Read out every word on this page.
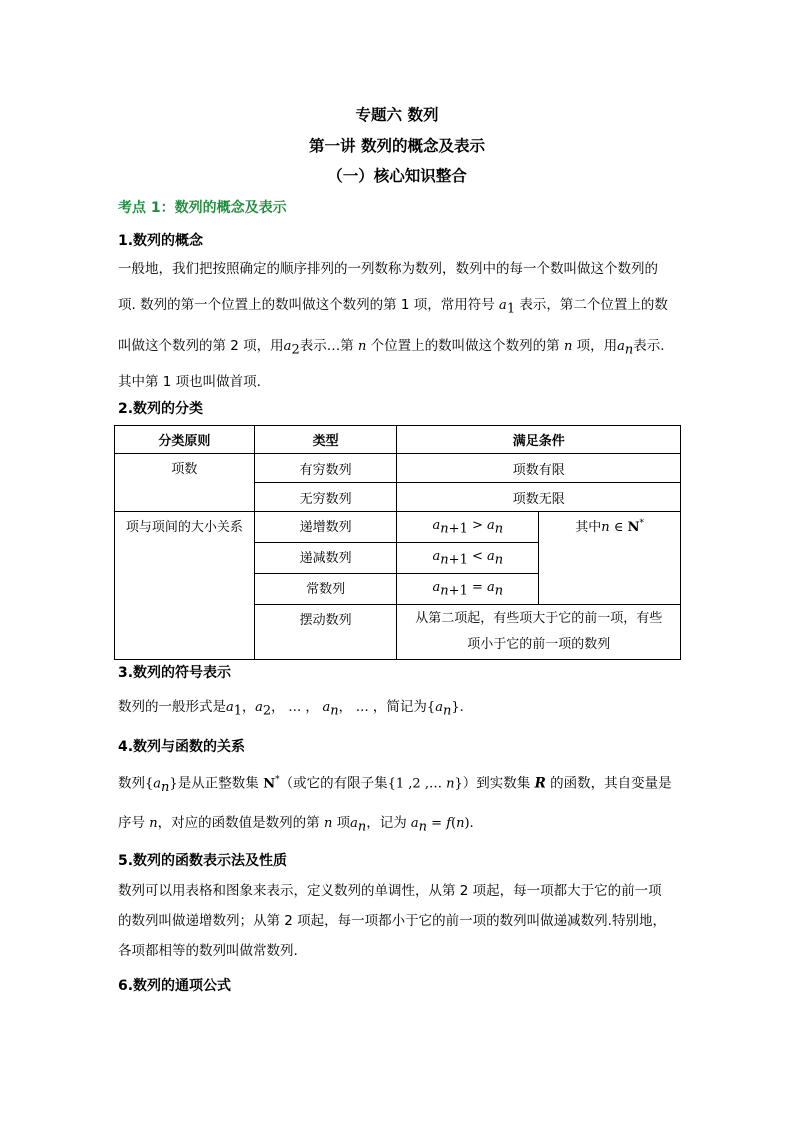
专题六 数列
第一讲 数列的概念及表示
（一）核心知识整合
考点 1：数列的概念及表示
1.数列的概念
一般地，我们把按照确定的顺序排列的一列数称为数列，数列中的每一个数叫做这个数列的
项. 数列的第一个位置上的数叫做这个数列的第 1 项，常用符号 $a_1$ 表示，第二个位置上的数
叫做这个数列的第 2 项，用$a_2$表示…第 n 个位置上的数叫做这个数列的第 n 项，用$a_n$表示.
其中第 1 项也叫做首项.
2.数列的分类
分类原则	类型	满足条件	
项数	有穷数列	项数有限	
	无穷数列	项数无限	
项与项间的大小关系	递增数列	$a_{n+1} > a_n$	其中n ∈ N*
	递减数列	$a_{n+1} < a_n$
	常数列	$a_{n+1} = a_n$
	摆动数列	从第二项起，有些项大于它的前一项，有些
项小于它的前一项的数列	
3.数列的符号表示
数列的一般形式是$a_1$，$a_2$， … ， $a_n$， … ，简记为$\{a_n\}$.
4.数列与函数的关系
数列$\{a_n\}$是从正整数集 N*（或它的有限子集{1 ,2 ,… n}）到实数集 R 的函数，其自变量是
序号 n，对应的函数值是数列的第 n 项$a_n$，记为 $a_n = f(n)$.
5.数列的函数表示法及性质
数列可以用表格和图象来表示，定义数列的单调性，从第 2 项起，每一项都大于它的前一项
的数列叫做递增数列；从第 2 项起，每一项都小于它的前一项的数列叫做递减数列.特别地，
各项都相等的数列叫做常数列.
6.数列的通项公式
